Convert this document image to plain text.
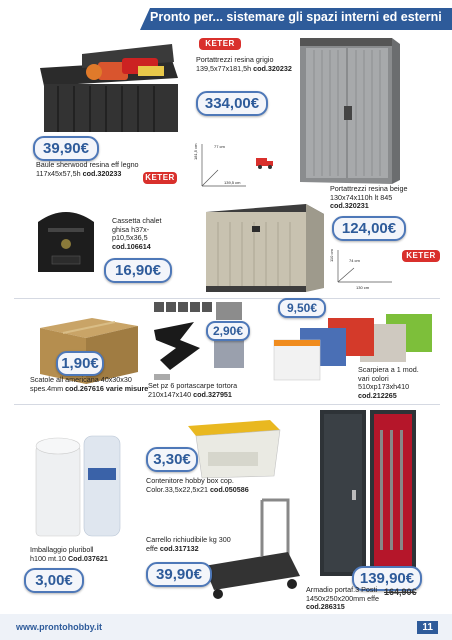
Pronto per... sistemare gli spazi interni ed esterni
39,90€
Baule sherwood resina eff legno
117x45x57,5h cod.320233	KETER
KETER
Portattrezzi resina grigio
139,5x77x181,5h cod.320232
334,00€
181,5 cm	77 cm
139,5 cm
Cassetta chalet
ghisa h37x-
p10,5x36,5
cod.106614
16,90€
Portattrezzi resina beige
130x74x110h lt 845
cod.320231
124,00€
110 cm	74 cm
130 cm
KETER
1,90€
Scatole all americana 40x30x30
spes.4mm cod.267616 varie misure
2,90€
Set pz 6 portascarpe tortora
210x147x140 cod.327951
9,50€
Scarpiera a 1 mod.
vari colori
510xp173xh410
cod.212265
Imballaggio pluriboll
h100 mt.10 Cod.037621
3,00€
3,30€
Contenitore hobby box cop.
Color.33,5x22,5x21 cod.050586
Carrello richiudibile kg 300
effe cod.317132
39,90€	139,90€
Armadio portaf.3 Posti
1450x250x200mm effe
cod.286315
164,90€
www.prontohobby.it	11
